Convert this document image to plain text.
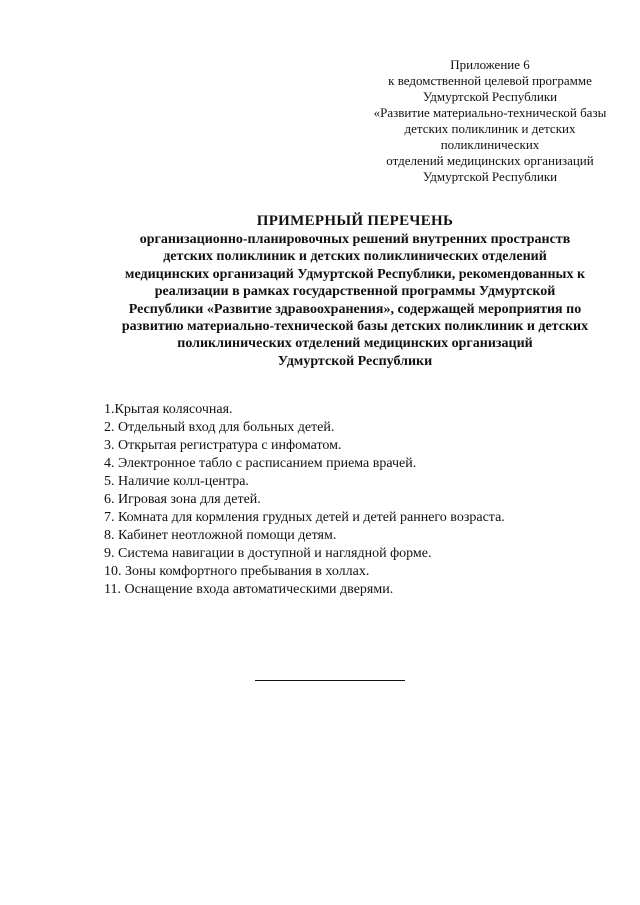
Приложение 6
к ведомственной целевой программе
Удмуртской Республики
«Развитие материально-технической базы
детских поликлиник и детских
поликлинических
отделений медицинских организаций
Удмуртской Республики
ПРИМЕРНЫЙ ПЕРЕЧЕНЬ
организационно-планировочных решений внутренних пространств
детских поликлиник и детских поликлинических отделений
медицинских организаций Удмуртской Республики, рекомендованных к
реализации в рамках государственной программы Удмуртской
Республики «Развитие здравоохранения», содержащей мероприятия по
развитию материально-технической базы детских поликлиник и детских
поликлинических отделений медицинских организаций
Удмуртской Республики
1.Крытая колясочная.
2. Отдельный вход для больных детей.
3. Открытая регистратура с инфоматом.
4. Электронное табло с расписанием приема врачей.
5. Наличие колл-центра.
6. Игровая зона для детей.
7. Комната для кормления грудных детей и детей раннего возраста.
8. Кабинет неотложной помощи детям.
9. Система навигации в доступной и наглядной форме.
10. Зоны комфортного пребывания в холлах.
11. Оснащение входа автоматическими дверями.
